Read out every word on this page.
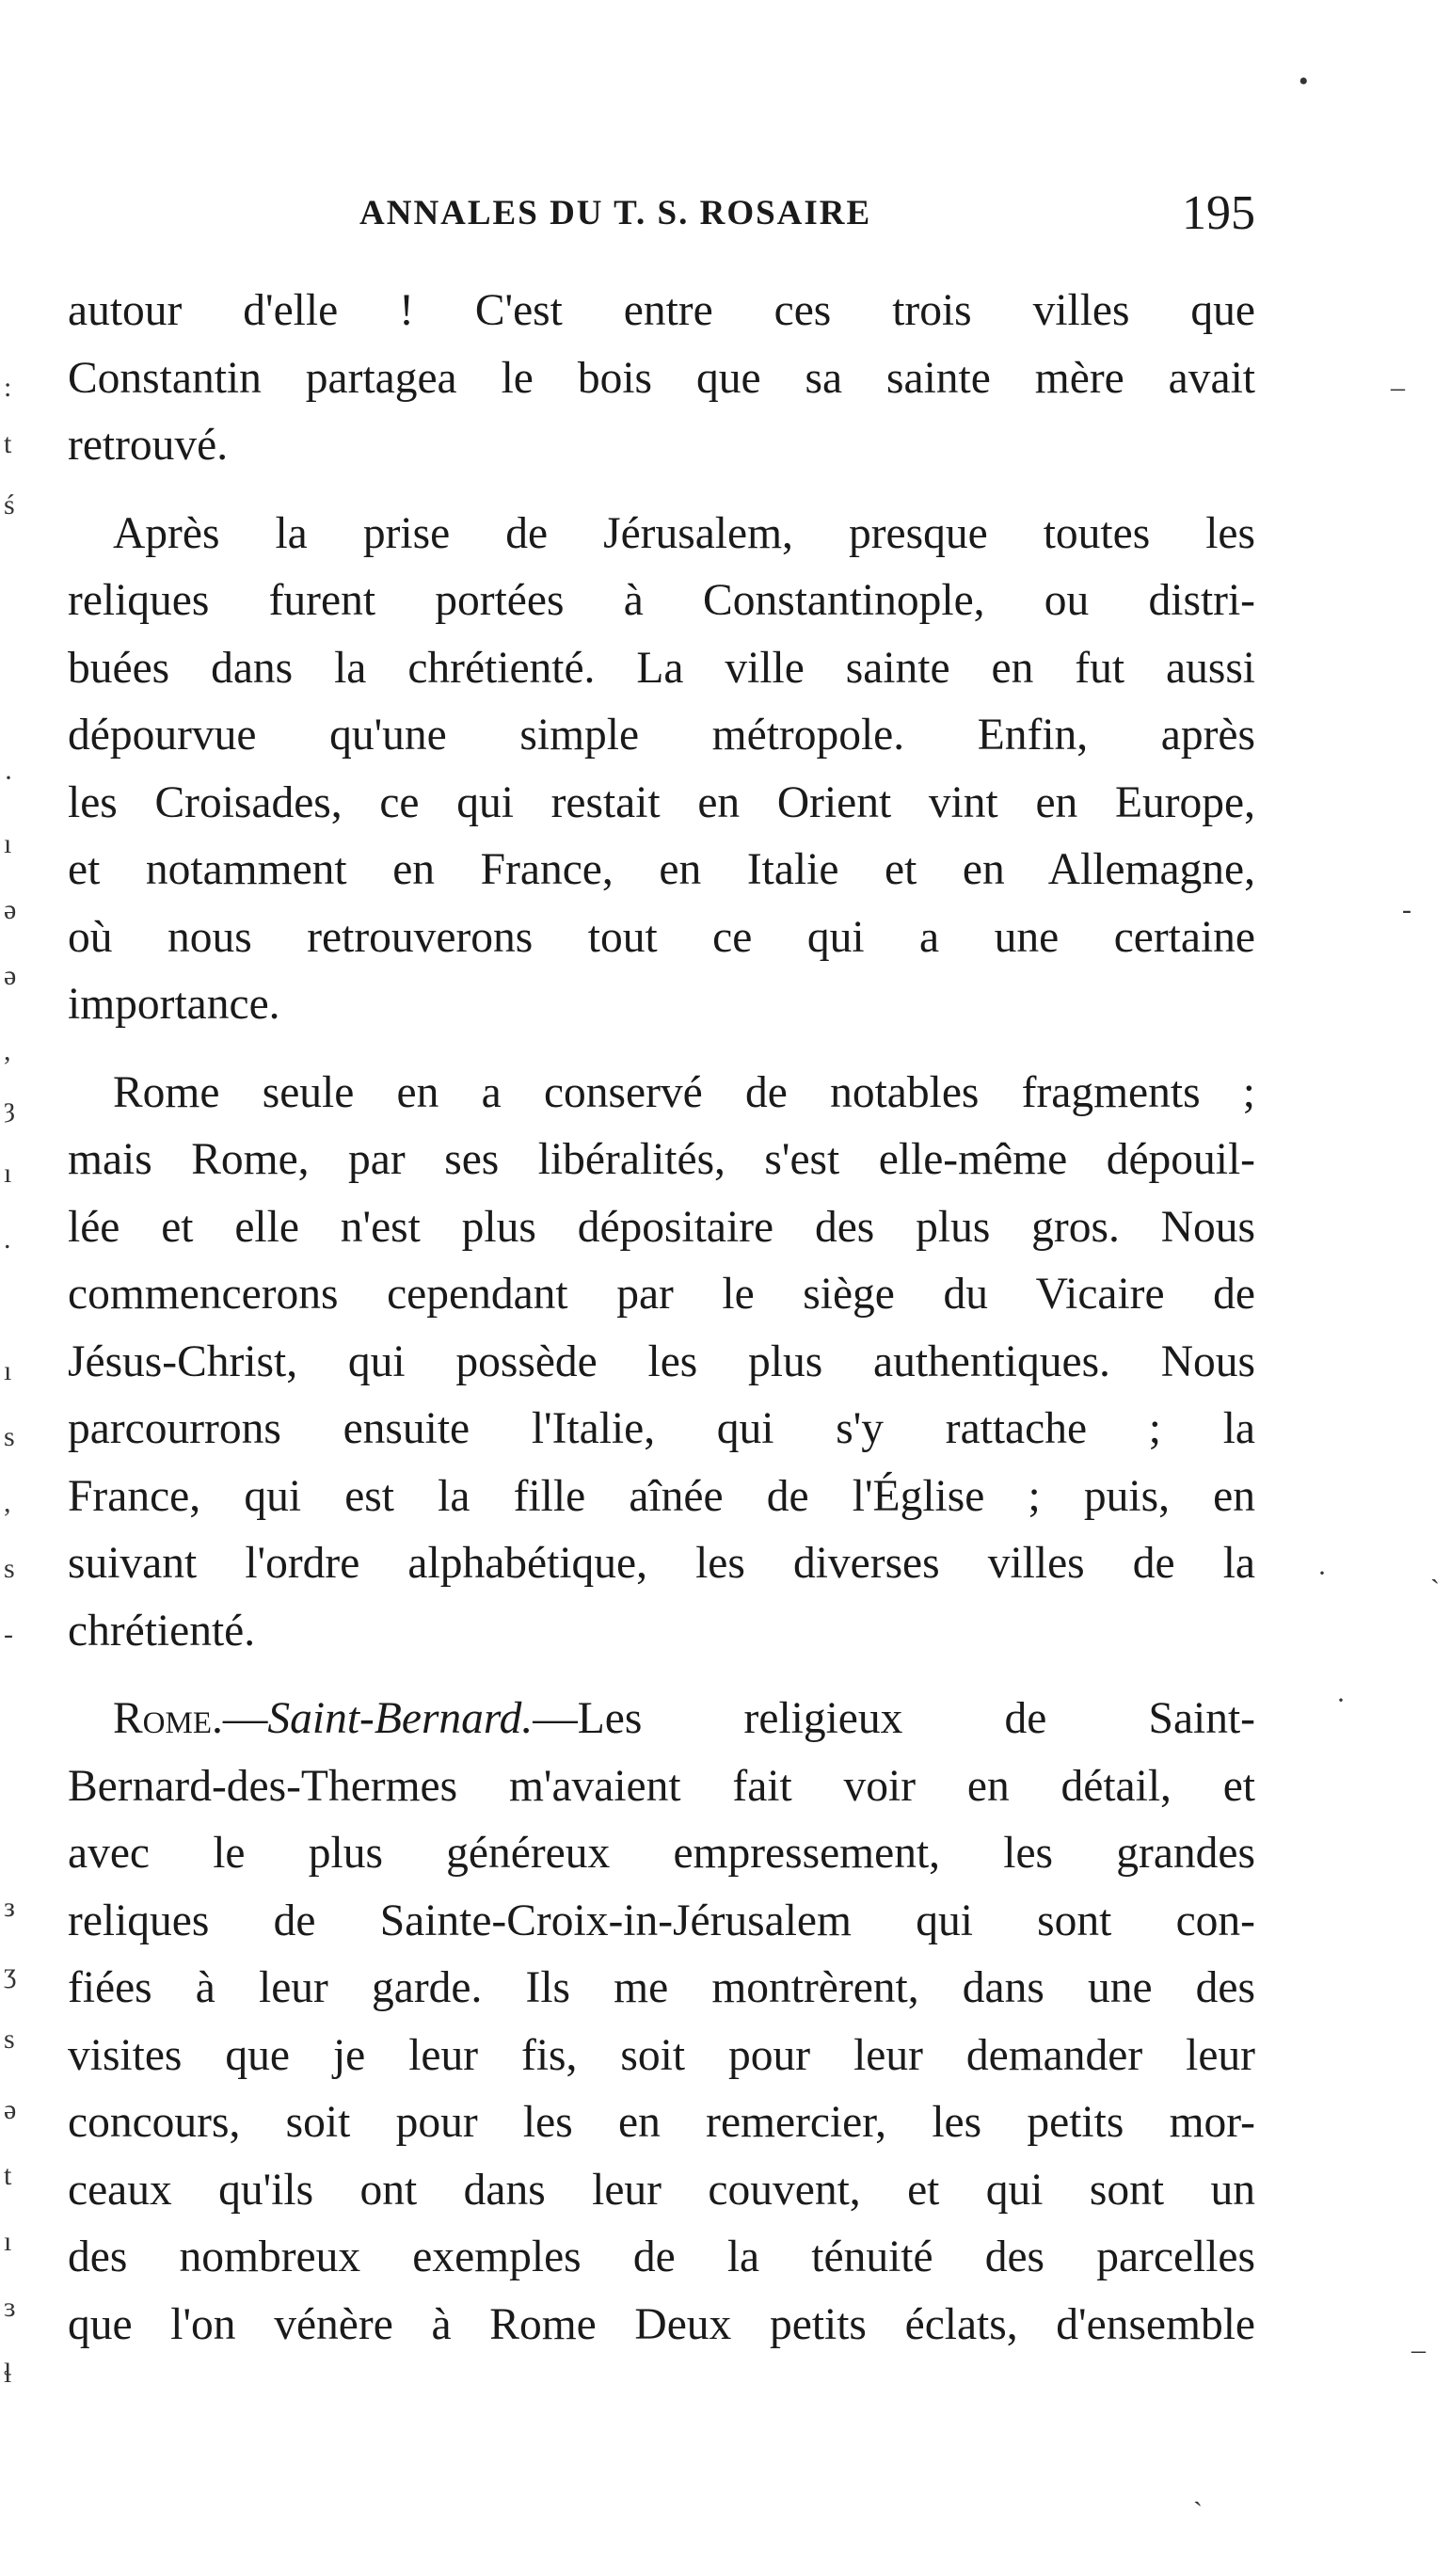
•
:
t
ś
‒
·
ı
ə
ə
,
ȝ
ı
.
-
ı
s
,
s
-
·	ˎ
·
з
ʒ
s
ə
t
ı
ɜ
ɬ
‒
ˎ
ANNALES DU T. S. ROSAIRE	195
autour d'elle ! C'est entre ces trois villes que
Constantin partagea le bois que sa sainte mère avait
retrouvé.
Après la prise de Jérusalem, presque toutes les
reliques furent portées à Constantinople, ou distri-
buées dans la chrétienté. La ville sainte en fut aussi
dépourvue qu'une simple métropole. Enfin, après
les Croisades, ce qui restait en Orient vint en Europe,
et notamment en France, en Italie et en Allemagne,
où nous retrouverons tout ce qui a une certaine
importance.
Rome seule en a conservé de notables fragments ;
mais Rome, par ses libéralités, s'est elle-même dépouil-
lée et elle n'est plus dépositaire des plus gros. Nous
commencerons cependant par le siège du Vicaire de
Jésus-Christ, qui possède les plus authentiques. Nous
parcourrons ensuite l'Italie, qui s'y rattache ; la
France, qui est la fille aînée de l'Église ; puis, en
suivant l'ordre alphabétique, les diverses villes de la
chrétienté.
Rome.—Saint-Bernard.—Les religieux de Saint-
Bernard-des-Thermes m'avaient fait voir en détail, et
avec le plus généreux empressement, les grandes
reliques de Sainte-Croix-in-Jérusalem qui sont con-
fiées à leur garde. Ils me montrèrent, dans une des
visites que je leur fis, soit pour leur demander leur
concours, soit pour les en remercier, les petits mor-
ceaux qu'ils ont dans leur couvent, et qui sont un
des nombreux exemples de la ténuité des parcelles
que l'on vénère à Rome Deux petits éclats, d'ensemble
